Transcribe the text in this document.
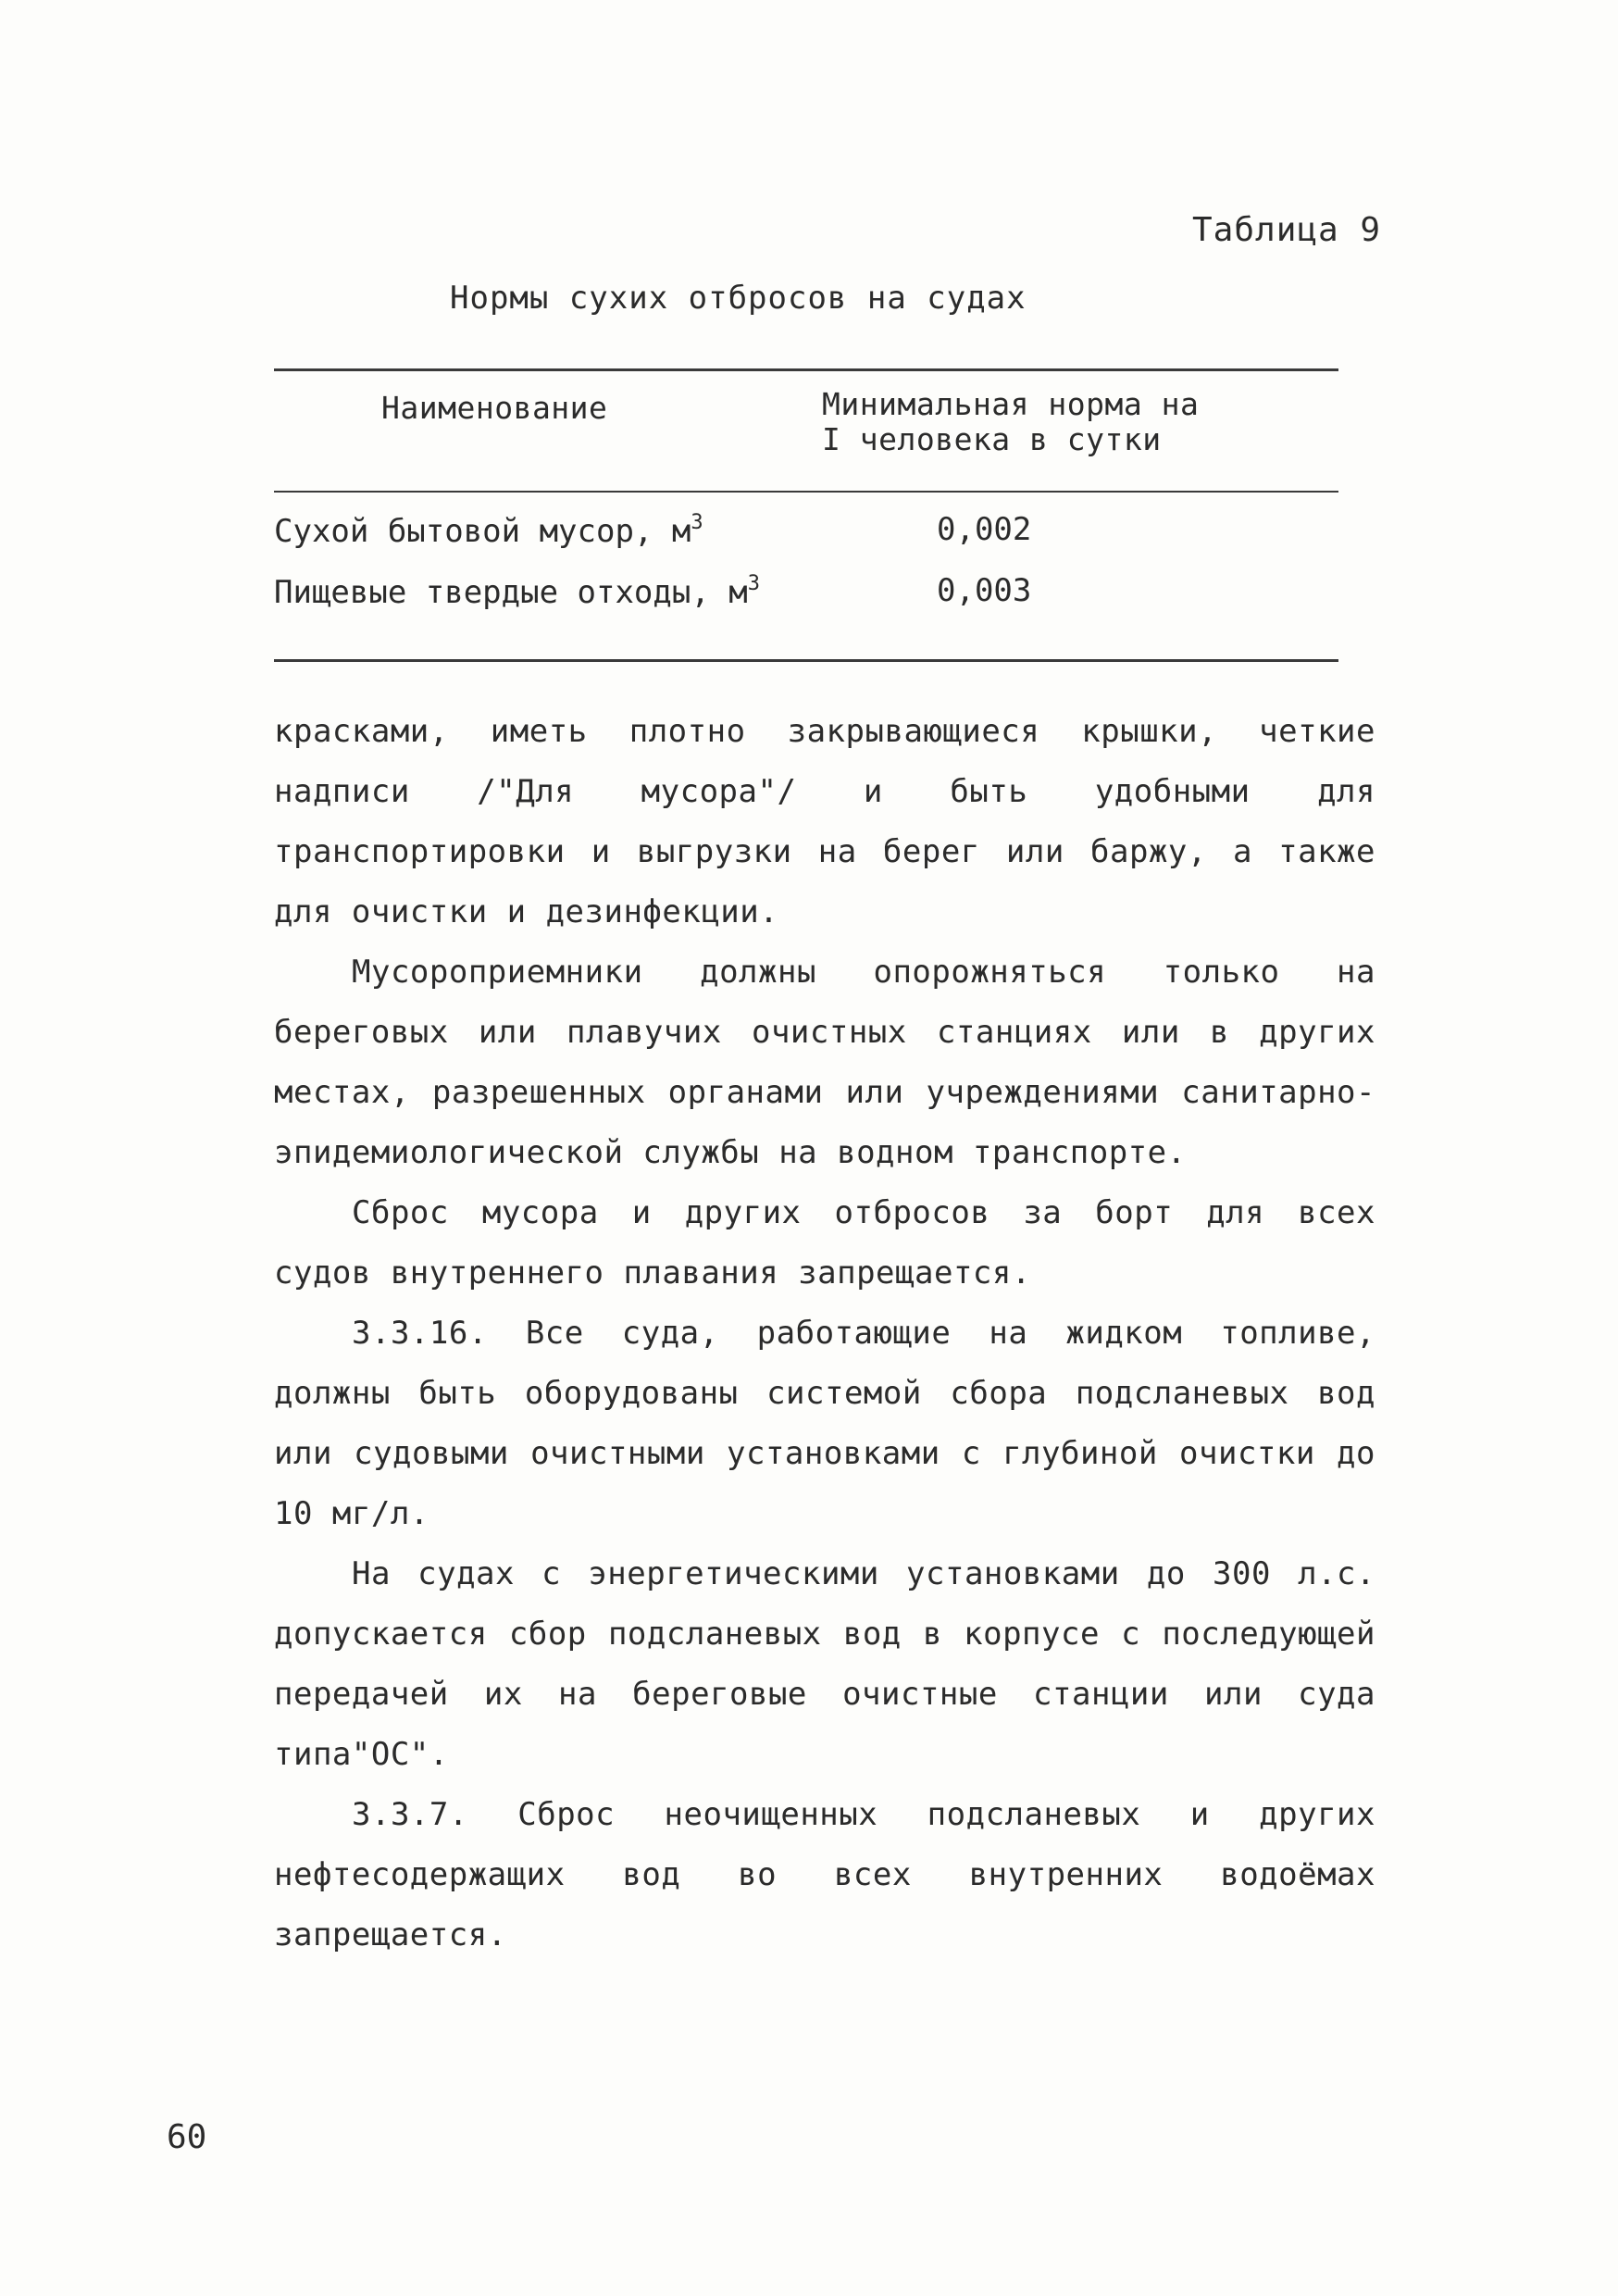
Таблица 9
Нормы сухих отбросов на судах
Наименование	Минимальная норма на
I человека в сутки
Сухой бытовой мусор, $м^3$	0,002
Пищевые твердые отходы, $м^3$	0,003

красками, иметь плотно закрывающиеся крышки, четкие надписи /"Для мусора"/ и быть удобными для транспортировки и выгрузки на берег или баржу, а также для очистки и дезинфекции.

Мусороприемники должны опорожняться только на береговых или плавучих очистных станциях или в других местах, разрешенных органами или учреждениями санитарно-эпидемиологической службы на водном транспорте.

Сброс мусора и других отбросов за борт для всех судов внутреннего плавания запрещается.

3.3.16. Все суда, работающие на жидком топливе, должны быть оборудованы системой сбора подсланевых вод или судовыми очистными установками с глубиной очистки до 10 мг/л.

На судах с энергетическими установками до 300 л.с. допускается сбор подсланевых вод в корпусе с последующей передачей их на береговые очистные станции или суда типа"ОС".

3.3.7. Сброс неочищенных подсланевых и других нефтесодержащих вод во всех внутренних водоёмах запрещается.

60
